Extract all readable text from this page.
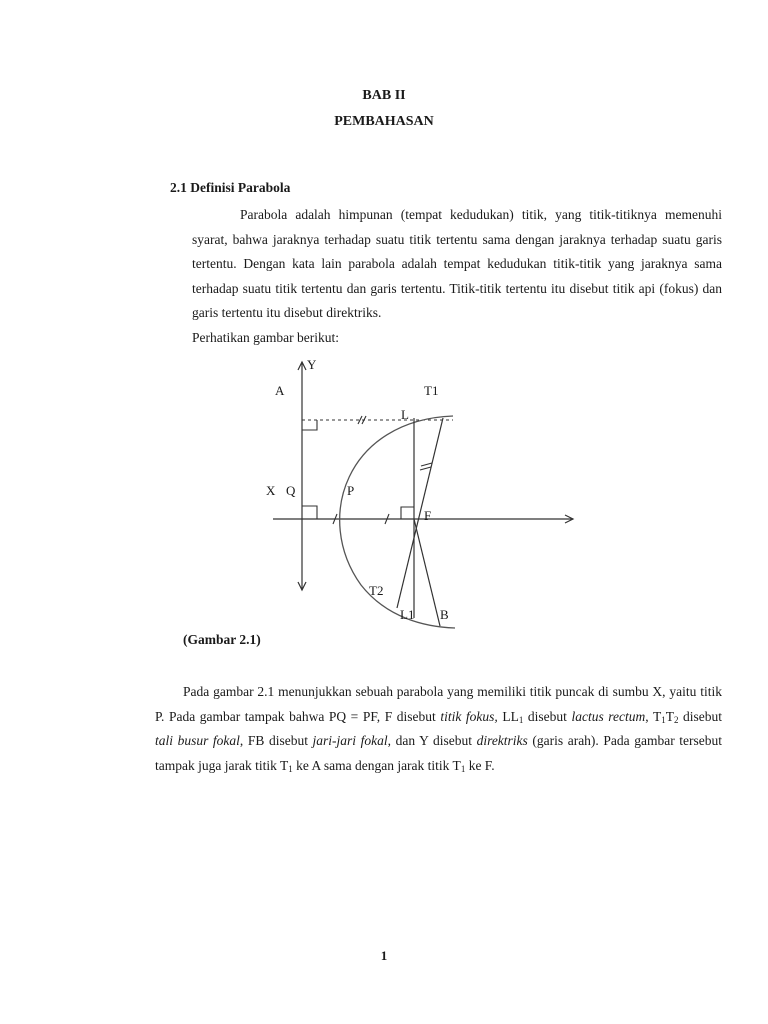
BAB II
PEMBAHASAN
2.1 Definisi Parabola

Parabola adalah himpunan (tempat kedudukan) titik, yang titik-titiknya memenuhi syarat, bahwa jaraknya terhadap suatu titik tertentu sama dengan jaraknya terhadap suatu garis tertentu. Dengan kata lain parabola adalah tempat kedudukan titik-titik yang jaraknya sama terhadap suatu titik tertentu dan garis tertentu. Titik-titik tertentu itu disebut titik api (fokus) dan garis tertentu itu disebut direktriks.

Perhatikan gambar berikut:

Y
A	T1
L
X Q	P
F
T2
L1 B
(Gambar 2.1)

Pada gambar 2.1 menunjukkan sebuah parabola yang memiliki titik puncak di sumbu X, yaitu titik P. Pada gambar tampak bahwa PQ = PF, F disebut titik fokus, $LL_1$ disebut lactus rectum, $T_1T_2$ disebut tali busur fokal, FB disebut jari-jari fokal, dan Y disebut direktriks (garis arah). Pada gambar tersebut tampak juga jarak titik $T_1$ ke A sama dengan jarak titik $T_1$ ke F.

1
